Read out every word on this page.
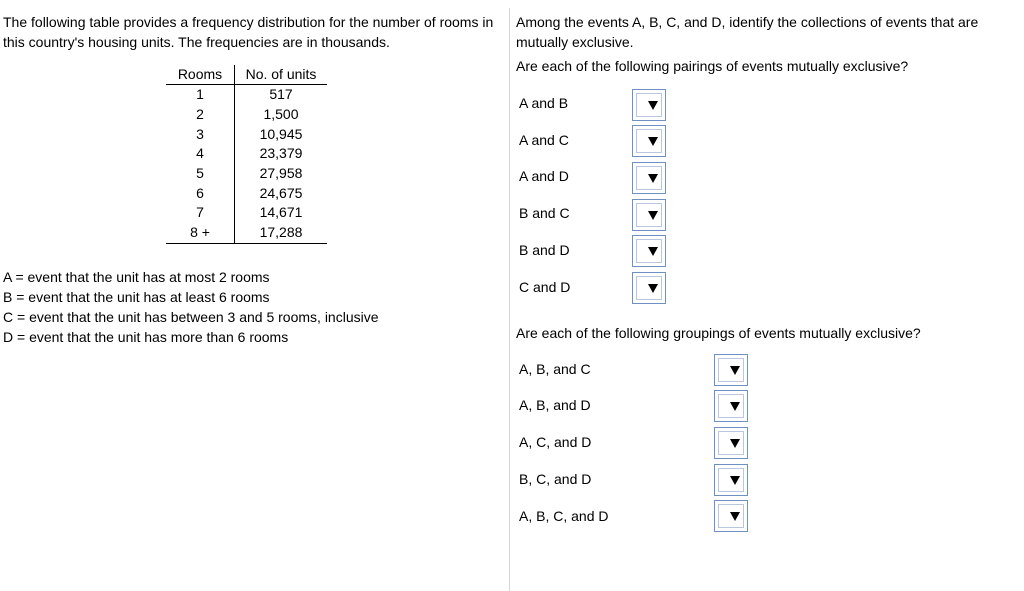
The following table provides a frequency distribution for the number of rooms in this country's housing units. The frequencies are in thousands.

Rooms	No. of units
1	517
2	1,500
3	10,945
4	23,379
5	27,958
6	24,675
7	14,671
8 +	17,288
A = event that the unit has at most 2 rooms
B = event that the unit has at least 6 rooms
C = event that the unit has between 3 and 5 rooms, inclusive
D = event that the unit has more than 6 rooms

Among the events A, B, C, and D, identify the collections of events that are mutually exclusive.

Are each of the following pairings of events mutually exclusive?
A and B
A and C
A and D
B and C
B and D
C and D
Are each of the following groupings of events mutually exclusive?
A, B, and C
A, B, and D
A, C, and D
B, C, and D
A, B, C, and D
